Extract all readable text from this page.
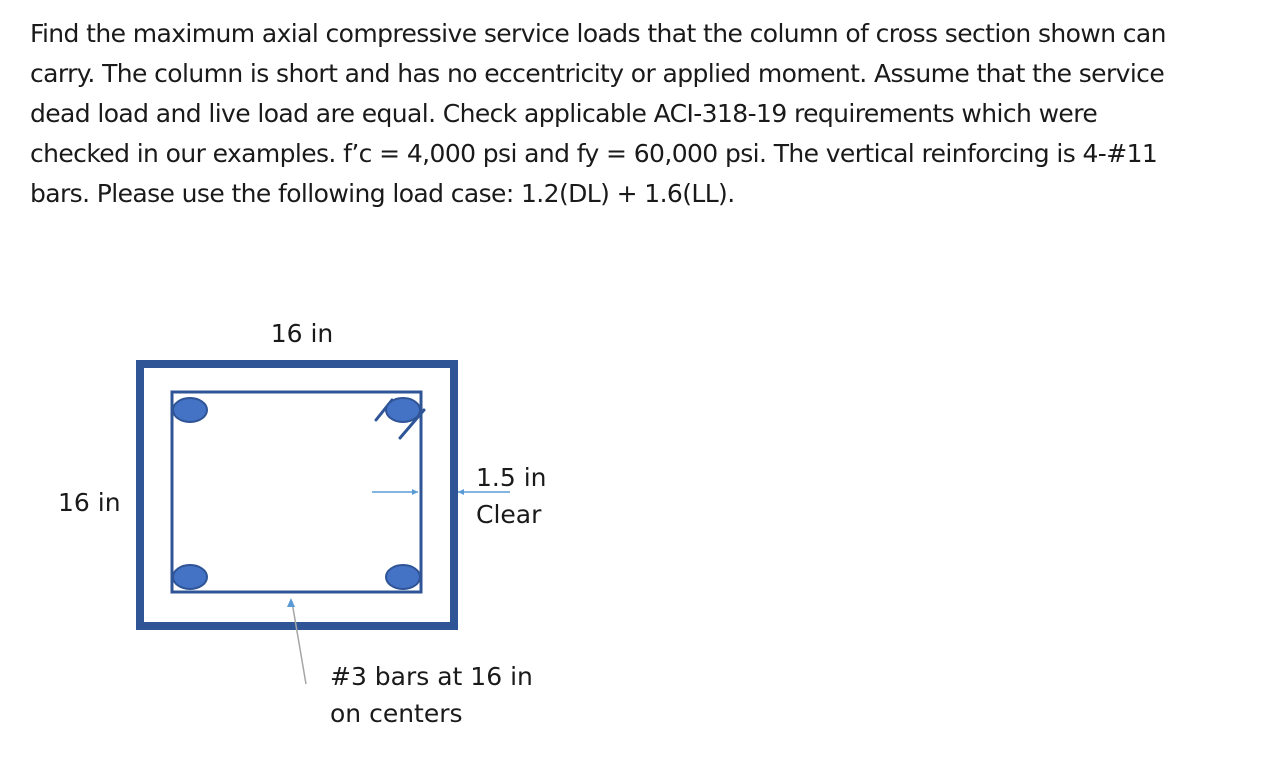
Find the maximum axial compressive service loads that the column of cross section shown can
carry. The column is short and has no eccentricity or applied moment. Assume that the service
dead load and live load are equal. Check applicable ACI-318-19 requirements which were
checked in our examples. f’c = 4,000 psi and fy = 60,000 psi. The vertical reinforcing is 4-#11
bars. Please use the following load case: 1.2(DL) + 1.6(LL).
16 in
16 in
1.5 in
Clear
#3 bars at 16 in
on centers
